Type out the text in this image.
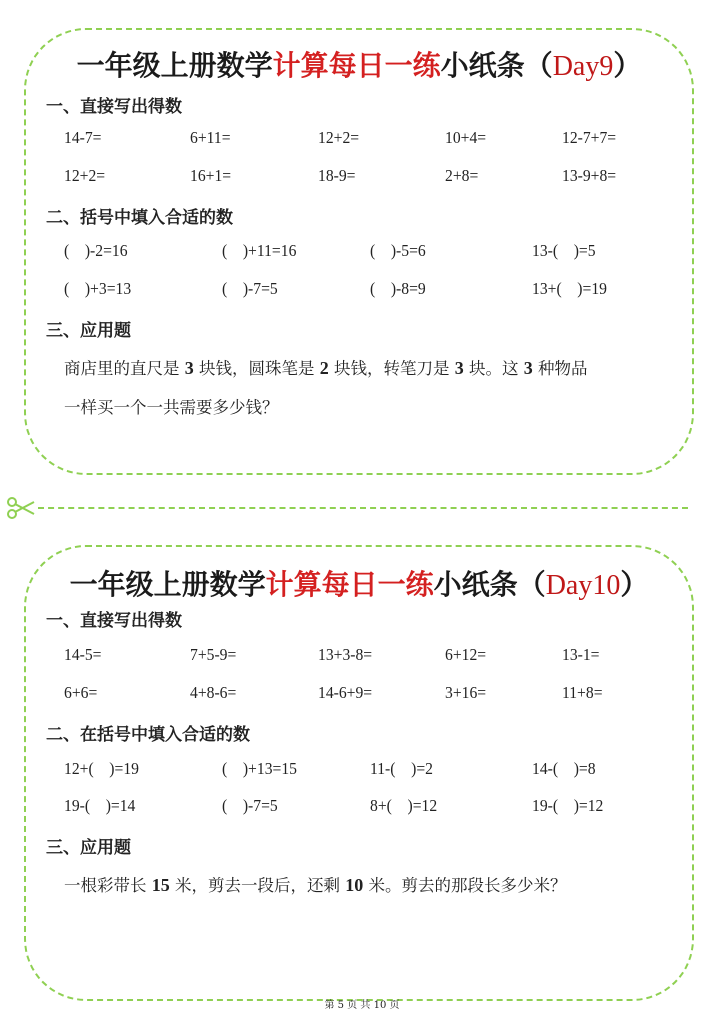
一年级上册数学计算每日一练小纸条（Day9）
一、直接写出得数
14-7=	6+11=	12+2=	10+4=	12-7+7=
12+2=	16+1=	18-9=	2+8=	13-9+8=
二、括号中填入合适的数
(    )-2=16	(    )+11=16	(    )-5=6	13-(    )=5
(    )+3=13	(    )-7=5	(    )-8=9	13+(    )=19
三、应用题
商店里的直尺是 3 块钱，圆珠笔是 2 块钱，转笔刀是 3 块。这 3 种物品
一样买一个一共需要多少钱？
一年级上册数学计算每日一练小纸条（Day10）
一、直接写出得数
14-5=	7+5-9=	13+3-8=	6+12=	13-1=
6+6=	4+8-6=	14-6+9=	3+16=	11+8=
二、在括号中填入合适的数
12+(    )=19	(    )+13=15	11-(    )=2	14-(    )=8
19-(    )=14	(    )-7=5	8+(    )=12	19-(    )=12
三、应用题
一根彩带长 15 米，剪去一段后，还剩 10 米。剪去的那段长多少米？
第 5 页 共 10 页
